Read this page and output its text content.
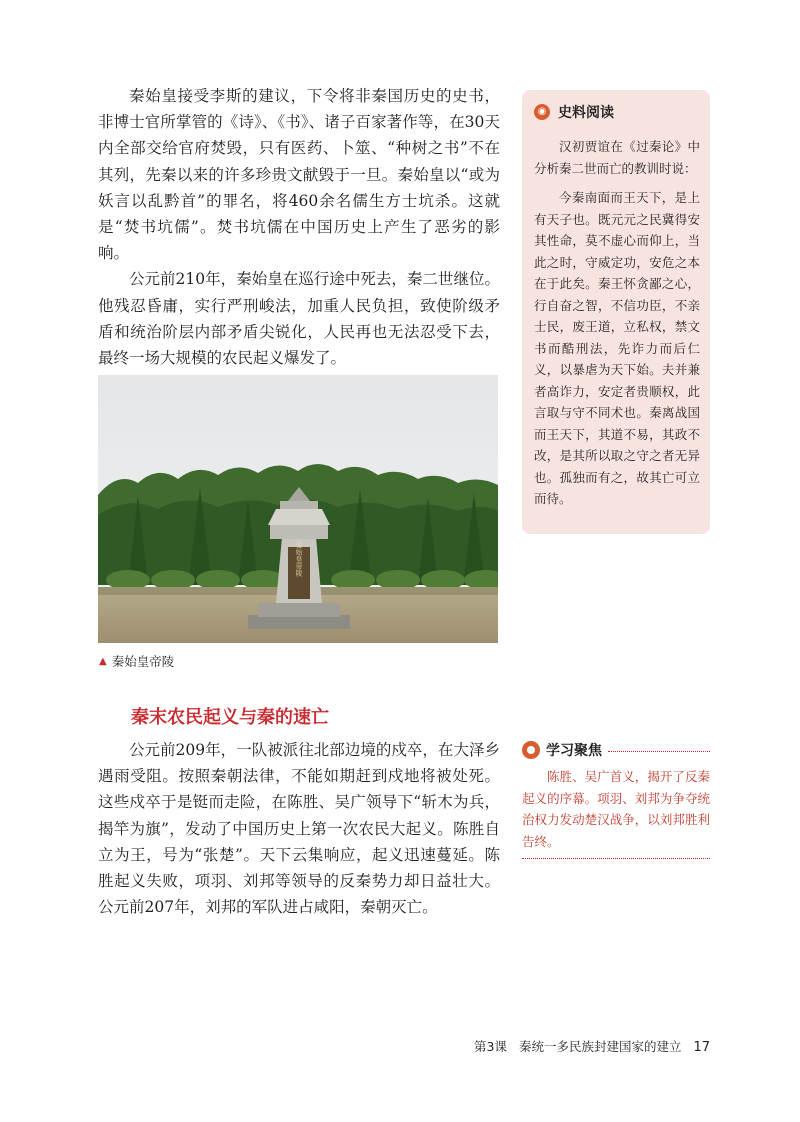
秦始皇接受李斯的建议，下令将非秦国历史的史书，非博士官所掌管的《诗》、《书》、诸子百家著作等，在30天内全部交给官府焚毁，只有医药、卜筮、“种树之书”不在其列，先秦以来的许多珍贵文献毁于一旦。秦始皇以“或为妖言以乱黔首”的罪名，将460余名儒生方士坑杀。这就是“焚书坑儒”。焚书坑儒在中国历史上产生了恶劣的影响。

公元前210年，秦始皇在巡行途中死去，秦二世继位。他残忍昏庸，实行严刑峻法，加重人民负担，致使阶级矛盾和统治阶层内部矛盾尖锐化，人民再也无法忍受下去，最终一场大规模的农民起义爆发了。

秦始皇帝陵
▲ 秦始皇帝陵
秦末农民起义与秦的速亡

公元前209年，一队被派往北部边境的戍卒，在大泽乡遇雨受阻。按照秦朝法律，不能如期赶到戍地将被处死。这些戍卒于是铤而走险，在陈胜、吴广领导下“斩木为兵，揭竿为旗”，发动了中国历史上第一次农民大起义。陈胜自立为王，号为“张楚”。天下云集响应，起义迅速蔓延。陈胜起义失败，项羽、刘邦等领导的反秦势力却日益壮大。公元前207年，刘邦的军队进占咸阳，秦朝灭亡。

◉ 史料阅读

汉初贾谊在《过秦论》中分析秦二世而亡的教训时说：

今秦南面而王天下，是上有天子也。既元元之民冀得安其性命，莫不虚心而仰上，当此之时，守威定功，安危之本在于此矣。秦王怀贪鄙之心，行自奋之智，不信功臣，不亲士民，废王道，立私权，禁文书而酷刑法，先诈力而后仁义，以暴虐为天下始。夫并兼者高诈力，安定者贵顺权，此言取与守不同术也。秦离战国而王天下，其道不易，其政不改，是其所以取之守之者无异也。孤独而有之，故其亡可立而待。

学习聚焦

陈胜、吴广首义，揭开了反秦起义的序幕。项羽、刘邦为争夺统治权力发动楚汉战争，以刘邦胜利告终。

第3课 秦统一多民族封建国家的建立 17
